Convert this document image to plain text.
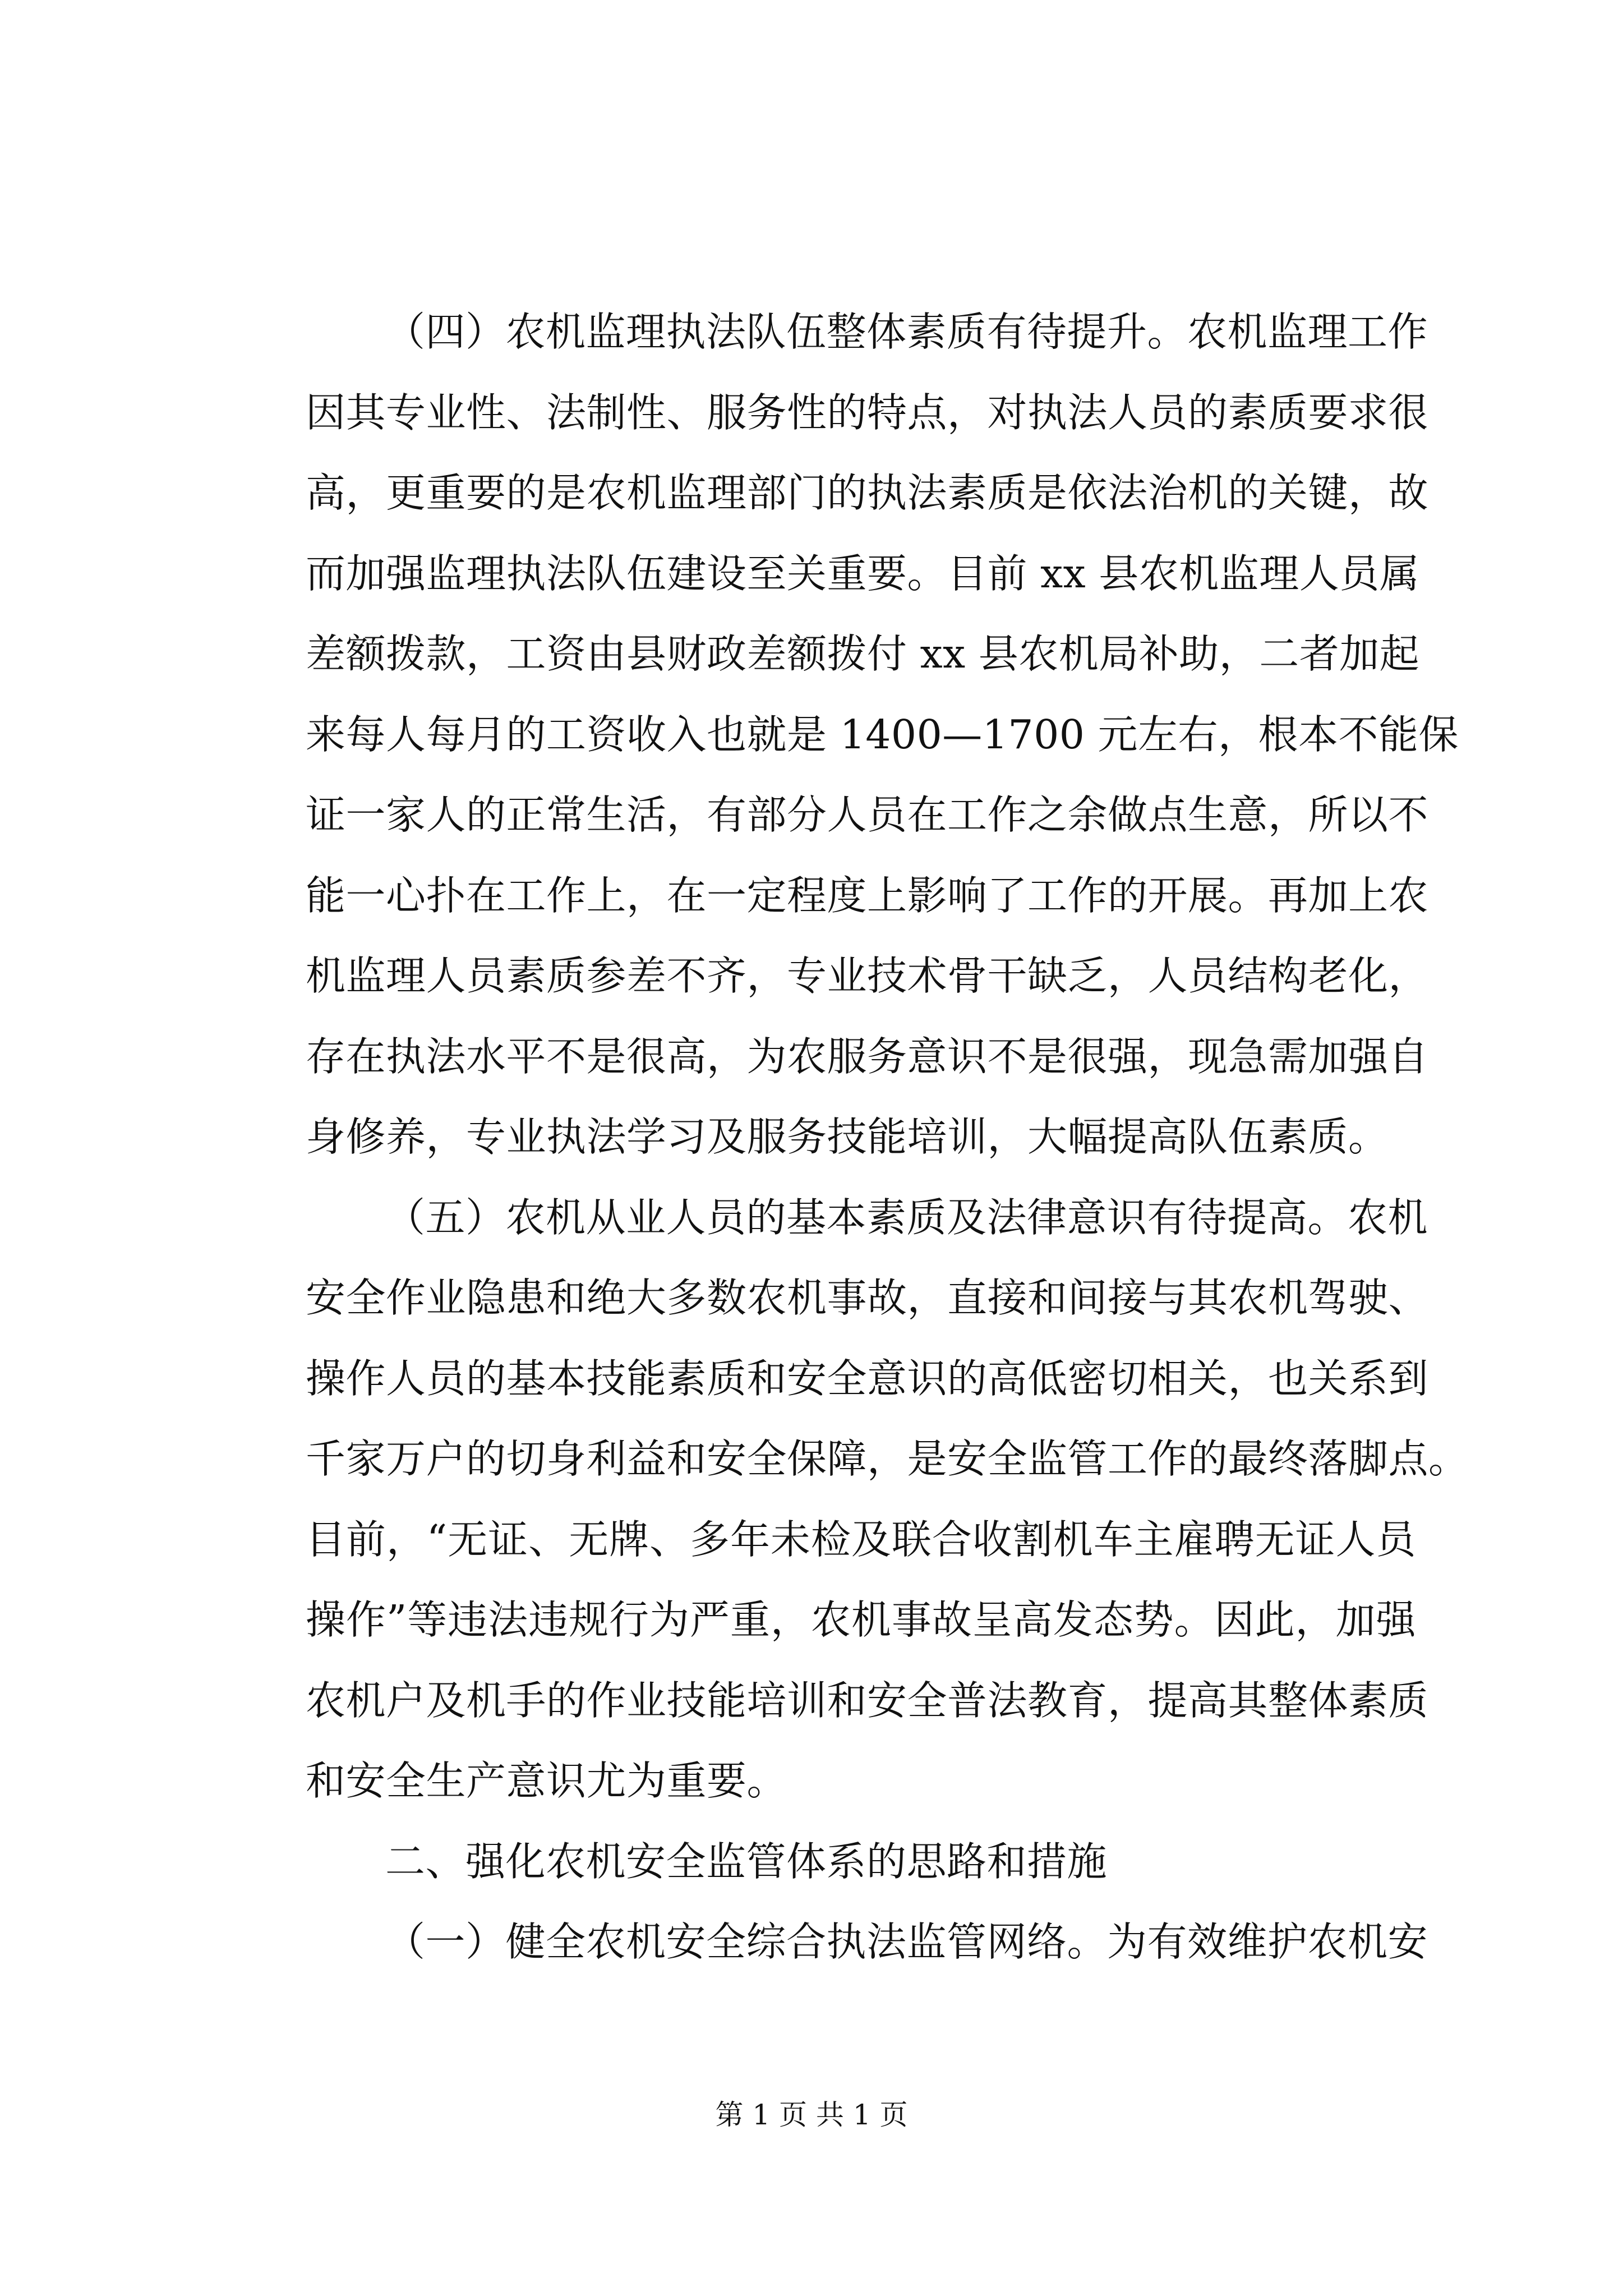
（四）农机监理执法队伍整体素质有待提升。农机监理工作
因其专业性、法制性、服务性的特点，对执法人员的素质要求很
高，更重要的是农机监理部门的执法素质是依法治机的关键，故
而加强监理执法队伍建设至关重要。目前 xx 县农机监理人员属
差额拨款，工资由县财政差额拨付 xx 县农机局补助，二者加起
来每人每月的工资收入也就是 1400—1700 元左右，根本不能保
证一家人的正常生活，有部分人员在工作之余做点生意，所以不
能一心扑在工作上，在一定程度上影响了工作的开展。再加上农
机监理人员素质参差不齐，专业技术骨干缺乏，人员结构老化，
存在执法水平不是很高，为农服务意识不是很强，现急需加强自
身修养，专业执法学习及服务技能培训，大幅提高队伍素质。
（五）农机从业人员的基本素质及法律意识有待提高。农机
安全作业隐患和绝大多数农机事故，直接和间接与其农机驾驶、
操作人员的基本技能素质和安全意识的高低密切相关，也关系到
千家万户的切身利益和安全保障，是安全监管工作的最终落脚点。
目前，“无证、无牌、多年未检及联合收割机车主雇聘无证人员
操作”等违法违规行为严重，农机事故呈高发态势。因此，加强
农机户及机手的作业技能培训和安全普法教育，提高其整体素质
和安全生产意识尤为重要。
二、强化农机安全监管体系的思路和措施
（一）健全农机安全综合执法监管网络。为有效维护农机安
第 1 页 共 1 页
